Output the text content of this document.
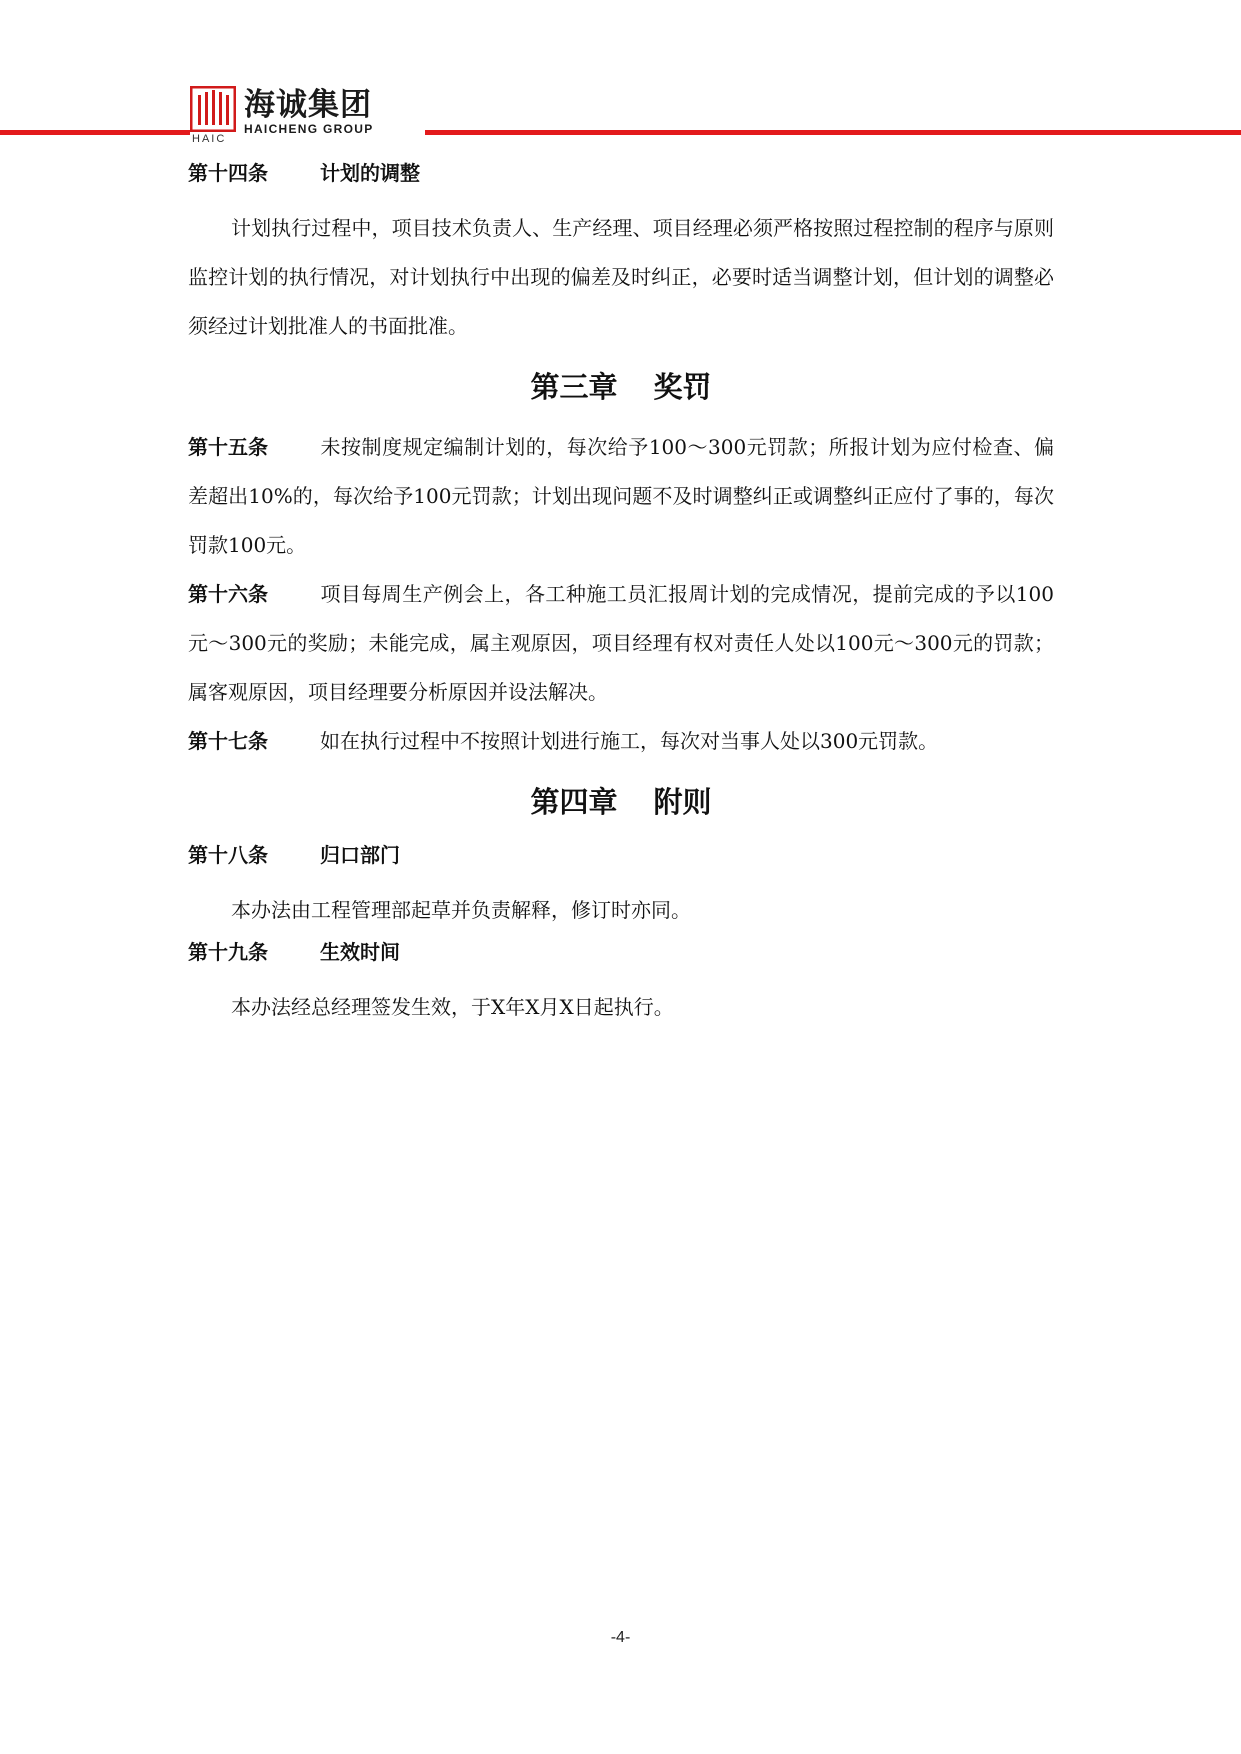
HAIC
海诚集团
HAICHENG GROUP
第十四条	计划的调整

计划执行过程中，项目技术负责人、生产经理、项目经理必须严格按照过程控制的程序与原则监控计划的执行情况，对计划执行中出现的偏差及时纠正，必要时适当调整计划，但计划的调整必须经过计划批准人的书面批准。

第三章 奖罚

第十五条	未按制度规定编制计划的，每次给予100～300元罚款；所报计划为应付检查、偏差超出10%的，每次给予100元罚款；计划出现问题不及时调整纠正或调整纠正应付了事的，每次罚款100元。

第十六条	项目每周生产例会上，各工种施工员汇报周计划的完成情况，提前完成的予以100元～300元的奖励；未能完成，属主观原因，项目经理有权对责任人处以100元～300元的罚款；属客观原因，项目经理要分析原因并设法解决。

第十七条	如在执行过程中不按照计划进行施工，每次对当事人处以300元罚款。

第四章 附则
第十八条	归口部门

本办法由工程管理部起草并负责解释，修订时亦同。

第十九条	生效时间

本办法经总经理签发生效，于X年X月X日起执行。

-4-
